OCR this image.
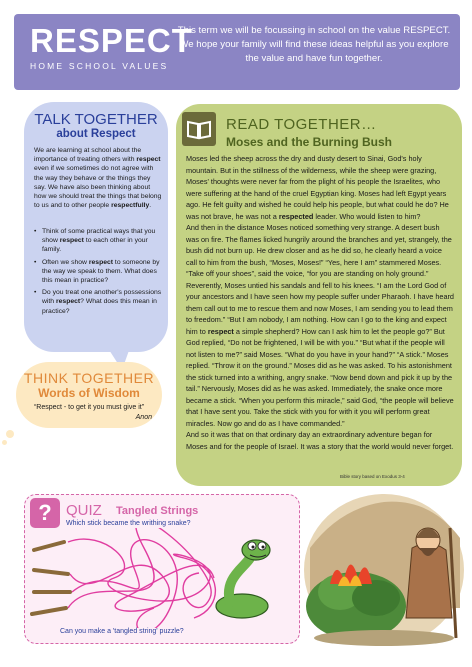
RESPECT
HOME SCHOOL VALUES
This term we will be focussing in school on the value RESPECT. We hope your family will find these ideas helpful as you explore the value and have fun together.
TALK TOGETHER
about Respect
We are learning at school about the importance of treating others with respect even if we sometimes do not agree with the way they behave or the things they say. We have also been thinking about how we should treat the things that belong to us and to other people respectfully.
• Think of some practical ways that you show respect to each other in your family.
• Often we show respect to someone by the way we speak to them. What does this mean in practice?
• Do you treat one another's possessions with respect? What does this mean in practice?
THINK TOGETHER
Words of Wisdom
“Respect - to get it you must give it”
Anon
READ TOGETHER…
Moses and the Burning Bush

Moses led the sheep across the dry and dusty desert to Sinai, God's holy mountain. But in the stillness of the wilderness, while the sheep were grazing, Moses' thoughts were never far from the plight of his people the Israelites, who were suffering at the hand of the cruel Egyptian king. Moses had left Egypt years ago. He felt guilty and wished he could help his people, but what could he do? He was not brave, he was not a respected leader. Who would listen to him?

And then in the distance Moses noticed something very strange. A desert bush was on fire. The flames licked hungrily around the branches and yet, strangely, the bush did not burn up. He drew closer and as he did so, he clearly heard a voice call to him from the bush, “Moses, Moses!” “Yes, here I am” stammered Moses. “Take off your shoes”, said the voice, “for you are standing on holy ground.” Reverently, Moses untied his sandals and fell to his knees. “I am the Lord God of your ancestors and I have seen how my people suffer under Pharaoh. I have heard them call out to me to rescue them and now Moses, I am sending you to lead them to freedom.” “But I am nobody, I am nothing. How can I go to the king and expect him to respect a simple shepherd? How can I ask him to let the people go?” But God replied, “Do not be frightened, I will be with you.” “But what if the people will not listen to me?” said Moses. “What do you have in your hand?” “A stick.” Moses replied. “Throw it on the ground.” Moses did as he was asked. To his astonishment the stick turned into a writhing, angry snake. “Now bend down and pick it up by the tail.” Nervously, Moses did as he was asked. Immediately, the snake once more became a stick. “When you perform this miracle,” said God, “the people will believe that I have sent you. Take the stick with you for with it you will perform great miracles. Now go and do as I have commanded.”

And so it was that on that ordinary day an extraordinary adventure began for Moses and for the people of Israel. It was a story that the world would never forget.

Bible story based on Exodus 3-4
? QUIZ Tangled Strings
Which stick became the writhing snake?
Can you make a 'tangled string' puzzle?
